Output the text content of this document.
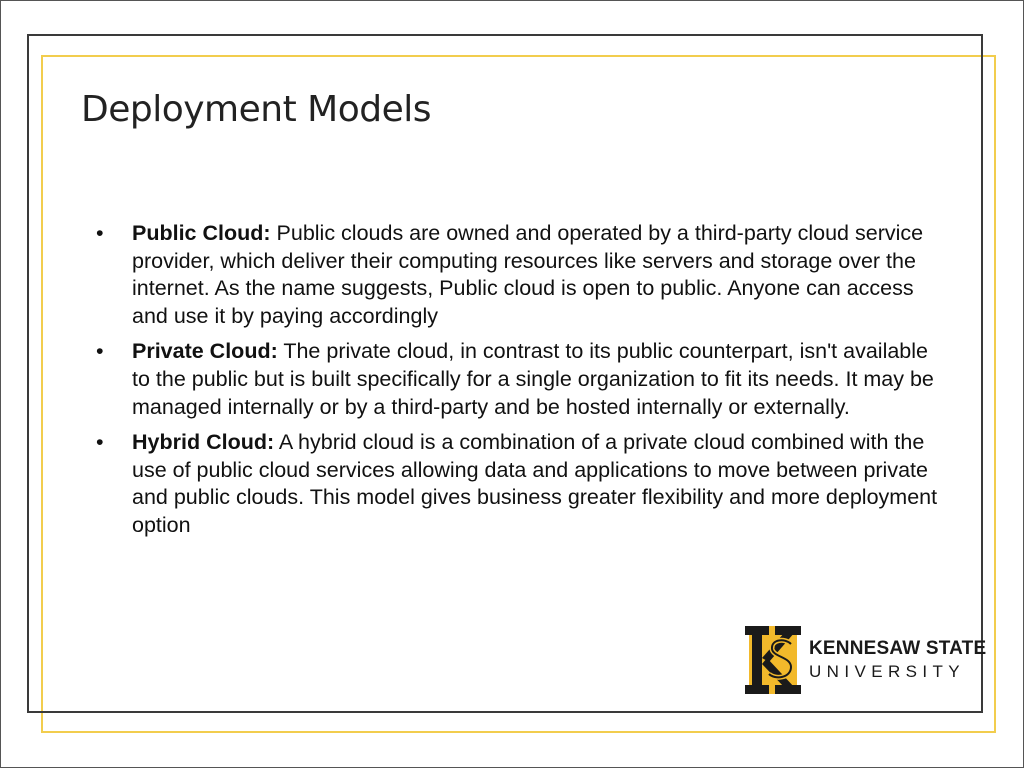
Deployment Models
• Public Cloud: Public clouds are owned and operated by a third-party cloud service provider, which deliver their computing resources like servers and storage over the internet. As the name suggests, Public cloud is open to public. Anyone can access and use it by paying accordingly
• Private Cloud: The private cloud, in contrast to its public counterpart, isn't available to the public but is built specifically for a single organization to fit its needs. It may be managed internally or by a third-party and be hosted internally or externally.
• Hybrid Cloud: A hybrid cloud is a combination of a private cloud combined with the use of public cloud services allowing data and applications to move between private and public clouds. This model gives business greater flexibility and more deployment option
KENNESAW STATE
UNIVERSITY
